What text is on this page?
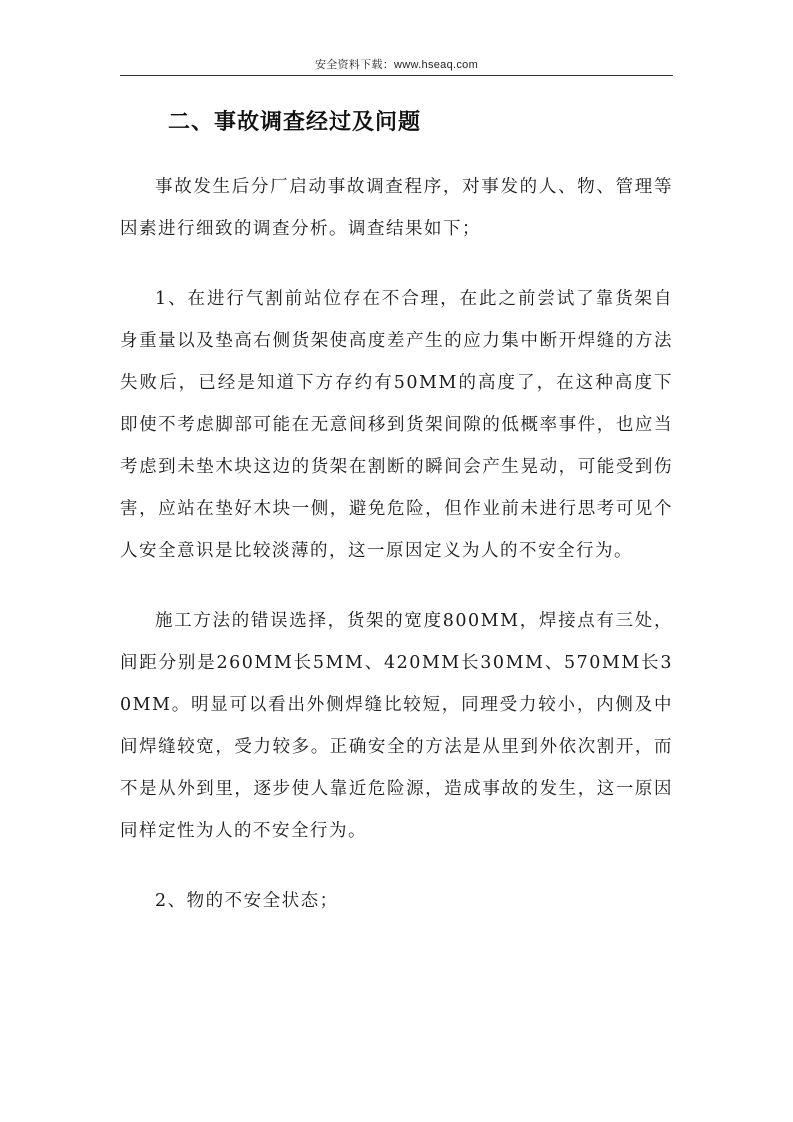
安全资料下载：www.hseaq.com
二、事故调查经过及问题

事故发生后分厂启动事故调查程序，对事发的人、物、管理等因素进行细致的调查分析。调查结果如下；

1、在进行气割前站位存在不合理，在此之前尝试了靠货架自身重量以及垫高右侧货架使高度差产生的应力集中断开焊缝的方法失败后，已经是知道下方存约有50MM的高度了，在这种高度下即使不考虑脚部可能在无意间移到货架间隙的低概率事件，也应当考虑到未垫木块这边的货架在割断的瞬间会产生晃动，可能受到伤害，应站在垫好木块一侧，避免危险，但作业前未进行思考可见个人安全意识是比较淡薄的，这一原因定义为人的不安全行为。

施工方法的错误选择，货架的宽度800MM，焊接点有三处，间距分别是260MM长5MM、420MM长30MM、570MM长30MM。明显可以看出外侧焊缝比较短，同理受力较小，内侧及中间焊缝较宽，受力较多。正确安全的方法是从里到外依次割开，而不是从外到里，逐步使人靠近危险源，造成事故的发生，这一原因同样定性为人的不安全行为。

2、物的不安全状态；
